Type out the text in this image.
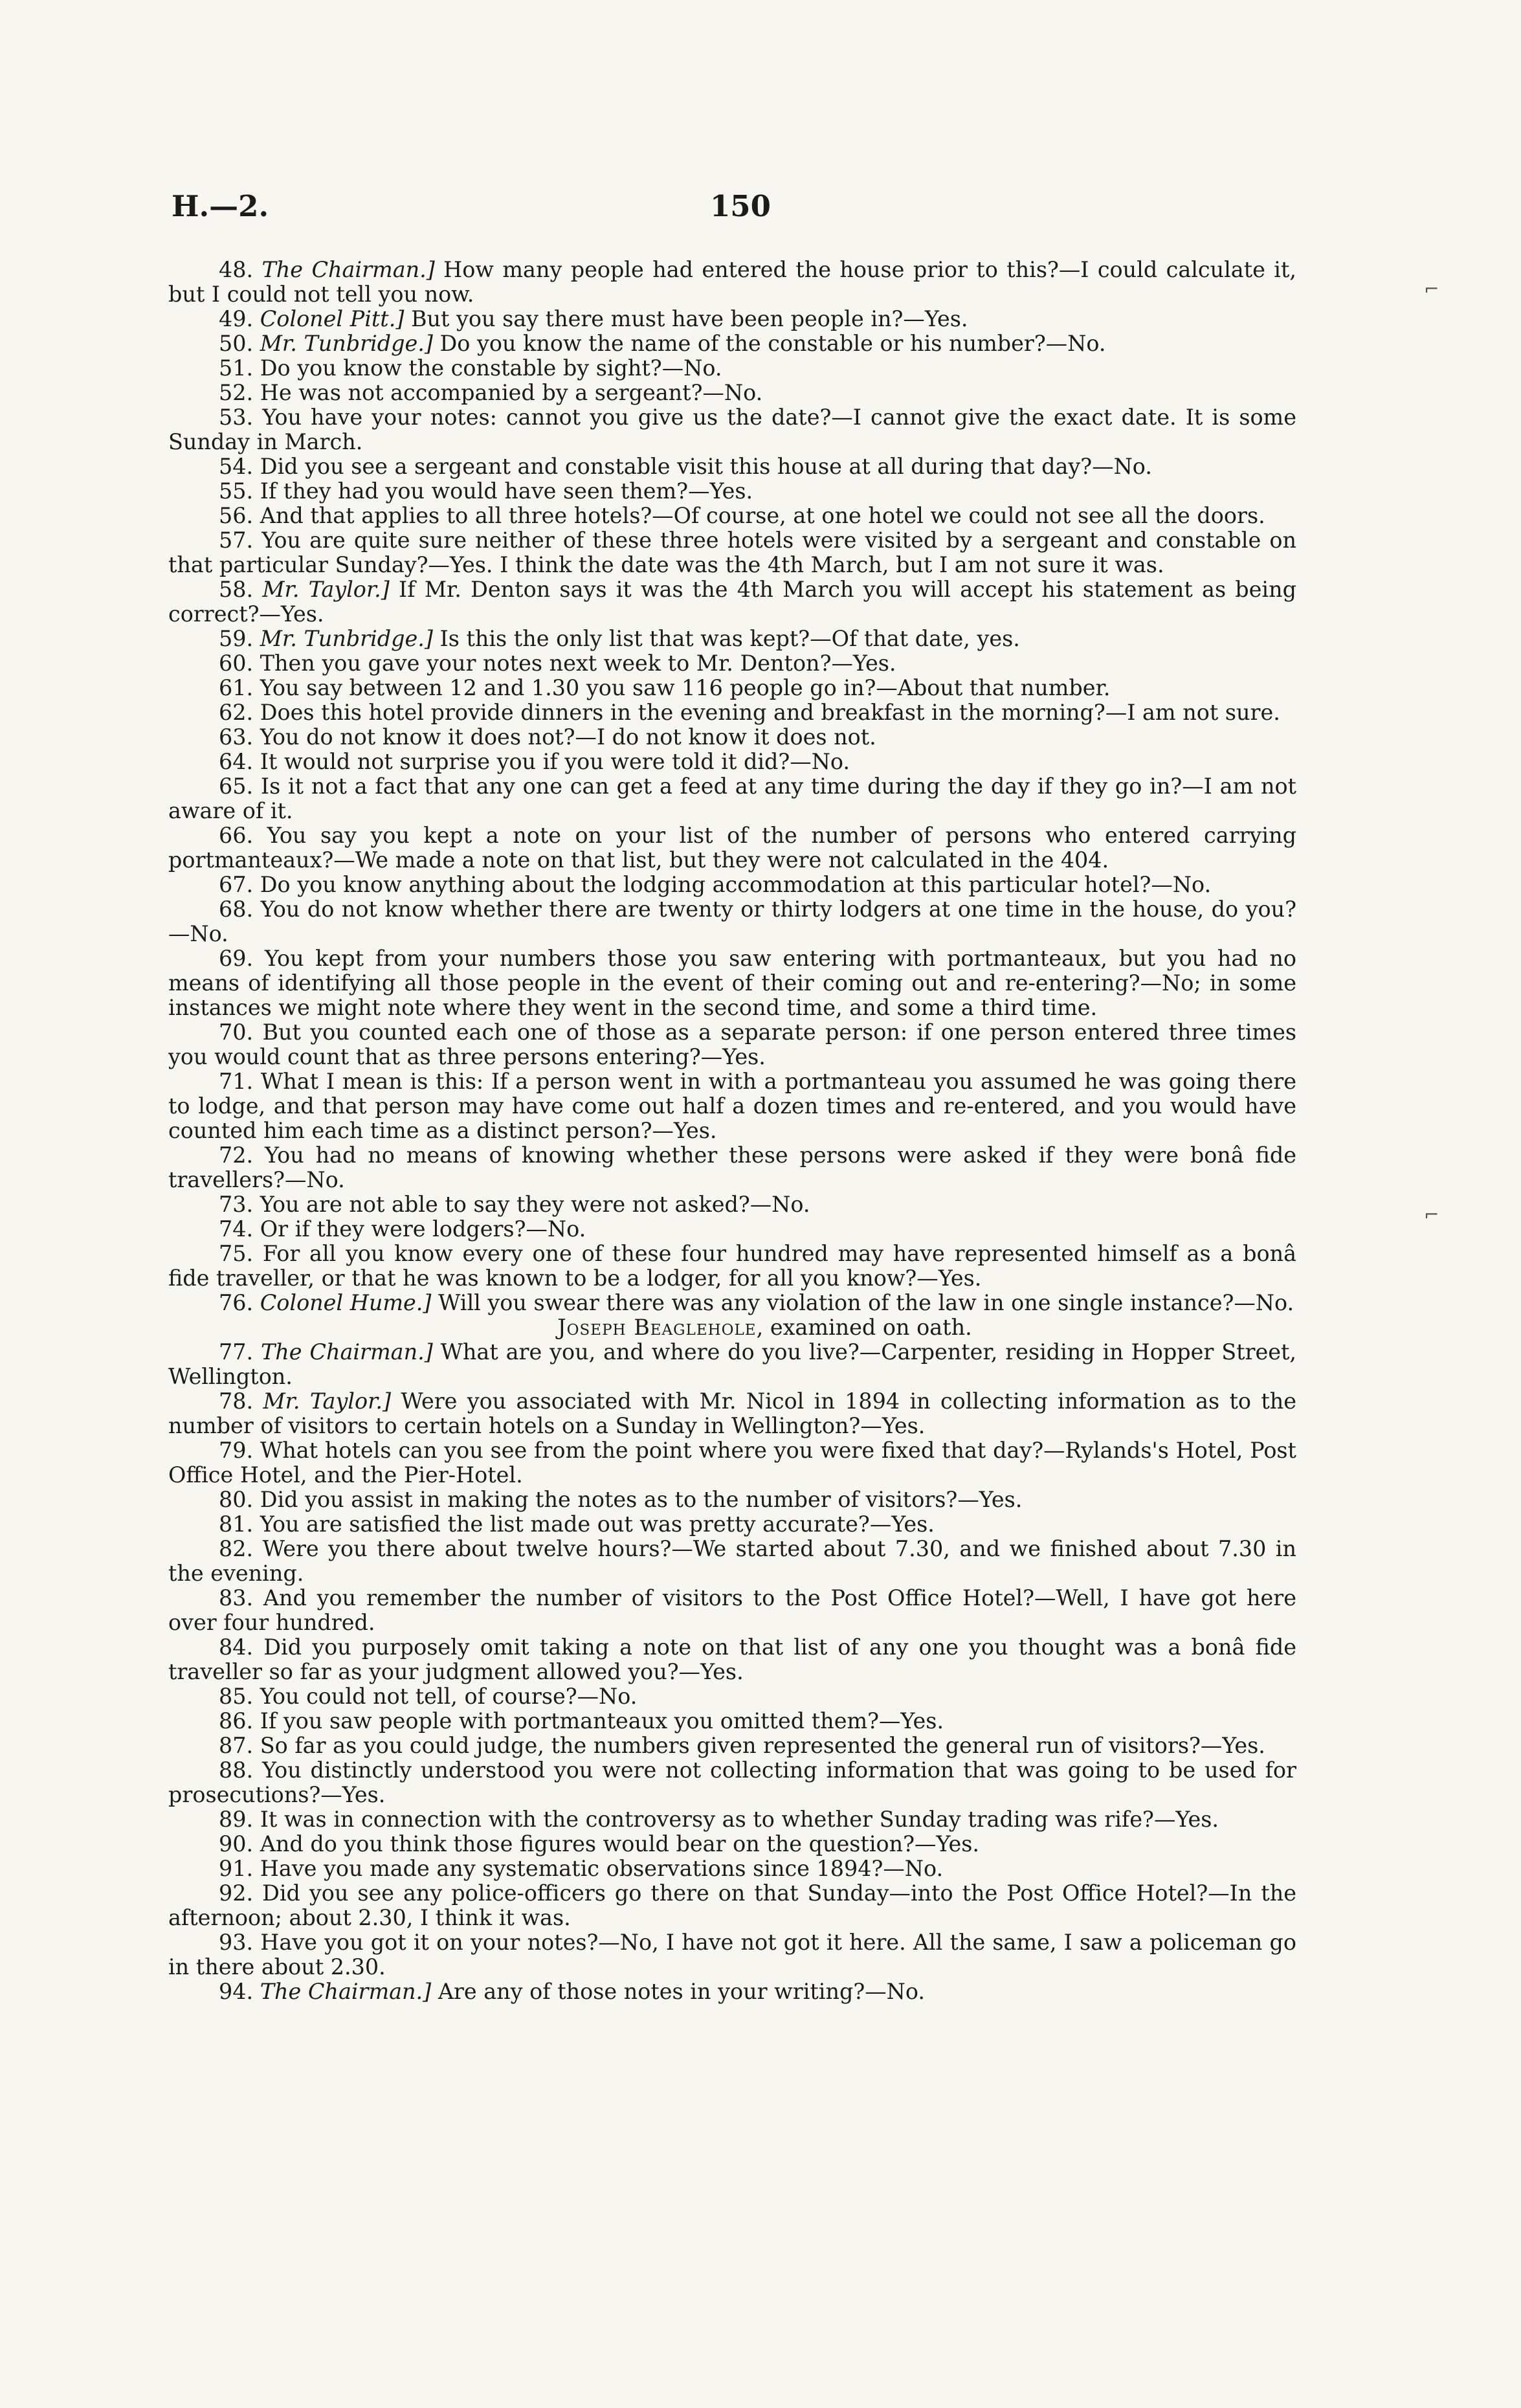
H.—2.	150
⌐
⌐

48. The Chairman.] How many people had entered the house prior to this?—I could calculate it, but I could not tell you now.

49. Colonel Pitt.] But you say there must have been people in?—Yes.

50. Mr. Tunbridge.] Do you know the name of the constable or his number?—No.

51. Do you know the constable by sight?—No.

52. He was not accompanied by a sergeant?—No.

53. You have your notes: cannot you give us the date?—I cannot give the exact date. It is some Sunday in March.

54. Did you see a sergeant and constable visit this house at all during that day?—No.

55. If they had you would have seen them?—Yes.

56. And that applies to all three hotels?—Of course, at one hotel we could not see all the doors.

57. You are quite sure neither of these three hotels were visited by a sergeant and constable on that particular Sunday?—Yes. I think the date was the 4th March, but I am not sure it was.

58. Mr. Taylor.] If Mr. Denton says it was the 4th March you will accept his statement as being correct?—Yes.

59. Mr. Tunbridge.] Is this the only list that was kept?—Of that date, yes.

60. Then you gave your notes next week to Mr. Denton?—Yes.

61. You say between 12 and 1.30 you saw 116 people go in?—About that number.

62. Does this hotel provide dinners in the evening and breakfast in the morning?—I am not sure.

63. You do not know it does not?—I do not know it does not.

64. It would not surprise you if you were told it did?—No.

65. Is it not a fact that any one can get a feed at any time during the day if they go in?—I am not aware of it.

66. You say you kept a note on your list of the number of persons who entered carrying portmanteaux?—We made a note on that list, but they were not calculated in the 404.

67. Do you know anything about the lodging accommodation at this particular hotel?—No.

68. You do not know whether there are twenty or thirty lodgers at one time in the house, do you?—No.

69. You kept from your numbers those you saw entering with portmanteaux, but you had no means of identifying all those people in the event of their coming out and re-entering?—No; in some instances we might note where they went in the second time, and some a third time.

70. But you counted each one of those as a separate person: if one person entered three times you would count that as three persons entering?—Yes.

71. What I mean is this: If a person went in with a portmanteau you assumed he was going there to lodge, and that person may have come out half a dozen times and re-entered, and you would have counted him each time as a distinct person?—Yes.

72. You had no means of knowing whether these persons were asked if they were bonâ fide travellers?—No.

73. You are not able to say they were not asked?—No.

74. Or if they were lodgers?—No.

75. For all you know every one of these four hundred may have represented himself as a bonâ fide traveller, or that he was known to be a lodger, for all you know?—Yes.

76. Colonel Hume.] Will you swear there was any violation of the law in one single instance?—No.

Joseph Beaglehole, examined on oath.

77. The Chairman.] What are you, and where do you live?—Carpenter, residing in Hopper Street, Wellington.

78. Mr. Taylor.] Were you associated with Mr. Nicol in 1894 in collecting information as to the number of visitors to certain hotels on a Sunday in Wellington?—Yes.

79. What hotels can you see from the point where you were fixed that day?—Rylands's Hotel, Post Office Hotel, and the Pier-Hotel.

80. Did you assist in making the notes as to the number of visitors?—Yes.

81. You are satisfied the list made out was pretty accurate?—Yes.

82. Were you there about twelve hours?—We started about 7.30, and we finished about 7.30 in the evening.

83. And you remember the number of visitors to the Post Office Hotel?—Well, I have got here over four hundred.

84. Did you purposely omit taking a note on that list of any one you thought was a bonâ fide traveller so far as your judgment allowed you?—Yes.

85. You could not tell, of course?—No.

86. If you saw people with portmanteaux you omitted them?—Yes.

87. So far as you could judge, the numbers given represented the general run of visitors?—Yes.

88. You distinctly understood you were not collecting information that was going to be used for prosecutions?—Yes.

89. It was in connection with the controversy as to whether Sunday trading was rife?—Yes.

90. And do you think those figures would bear on the question?—Yes.

91. Have you made any systematic observations since 1894?—No.

92. Did you see any police-officers go there on that Sunday—into the Post Office Hotel?—In the afternoon; about 2.30, I think it was.

93. Have you got it on your notes?—No, I have not got it here. All the same, I saw a policeman go in there about 2.30.

94. The Chairman.] Are any of those notes in your writing?—No.
